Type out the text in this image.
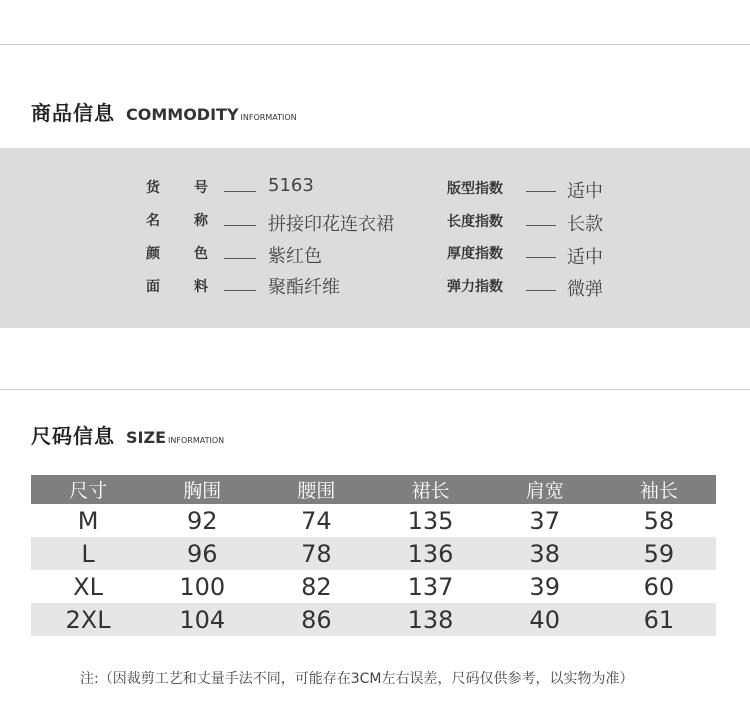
商品信息 COMMODITY INFORMATION
货 号	5163
名 称	拼接印花连衣裙
颜 色	紫红色
面 料	聚酯纤维
版型指数	适中
长度指数	长款
厚度指数	适中
弹力指数	微弹
尺码信息 SIZE INFORMATION
尺寸	胸围	腰围	裙长	肩宽	袖长
M	92	74	135	37	58
L	96	78	136	38	59
XL	100	82	137	39	60
2XL	104	86	138	40	61
注:（因裁剪工艺和丈量手法不同，可能存在3CM左右误差，尺码仅供参考，以实物为准）
